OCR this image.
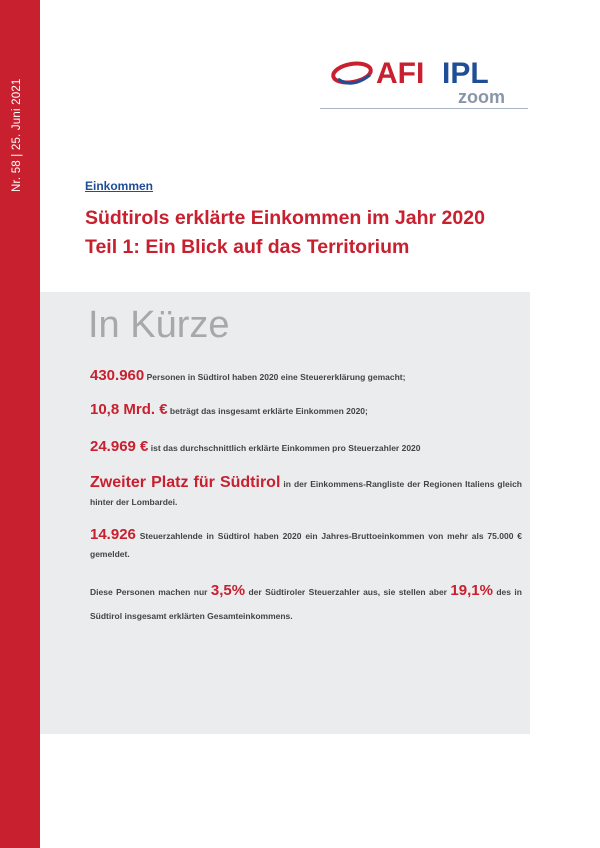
Nr. 58 | 25. Juni 2021
AFI IPL
zoom
Einkommen
Südtirols erklärte Einkommen im Jahr 2020
Teil 1: Ein Blick auf das Territorium
In Kürze
430.960 Personen in Südtirol haben 2020 eine Steuererklärung gemacht;
10,8 Mrd. € beträgt das insgesamt erklärte Einkommen 2020;
24.969 € ist das durchschnittlich erklärte Einkommen pro Steuerzahler 2020
Zweiter Platz für Südtirol in der Einkommens-Rangliste der Regionen Italiens gleich hinter der Lombardei.
14.926 Steuerzahlende in Südtirol haben 2020 ein Jahres-Bruttoeinkommen von mehr als 75.000 € gemeldet.
Diese Personen machen nur 3,5% der Südtiroler Steuerzahler aus, sie stellen aber 19,1% des in Südtirol insgesamt erklärten Gesamteinkommens.
